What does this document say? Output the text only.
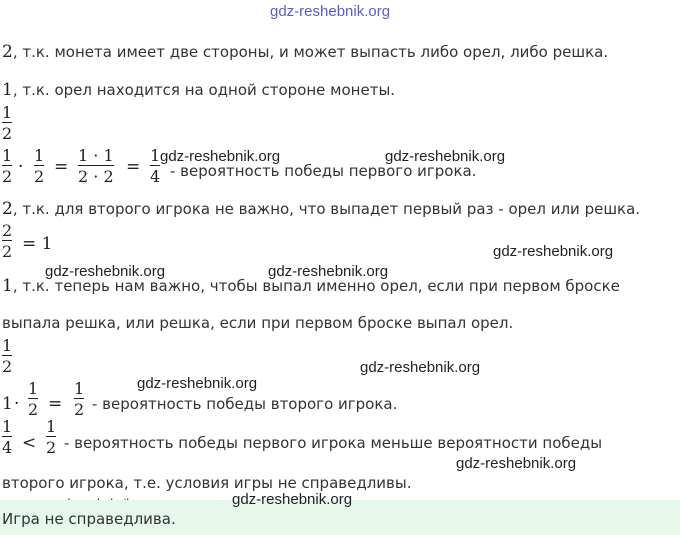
gdz-reshebnik.org
2, т.к. монета имеет две стороны, и может выпасть либо орел, либо решка.
1, т.к. орел находится на одной стороне монеты.
1
2
1
2 ·
1
2 =
1 · 1
2 · 2 =
1
4 - вероятность победы первого игрока.
gdz-reshebnik.org	gdz-reshebnik.org
2, т.к. для второго игрока не важно, что выпадет первый раз - орел или решка.
2
2 = 1	gdz-reshebnik.org
gdz-reshebnik.org	gdz-reshebnik.org
1, т.к. теперь нам важно, чтобы выпал именно орел, если при первом броске
выпала решка, или решка, если при первом броске выпал орел.
1
2	gdz-reshebnik.org
gdz-reshebnik.org
1 ·
1
2 =
1
2 - вероятность победы второго игрока.
1
4 <
1
2 - вероятность победы первого игрока меньше вероятности победы
gdz-reshebnik.org
второго игрока, т.е. условия игры не справедливы.
Игра не справедлива.
gdz-reshebnik.org
